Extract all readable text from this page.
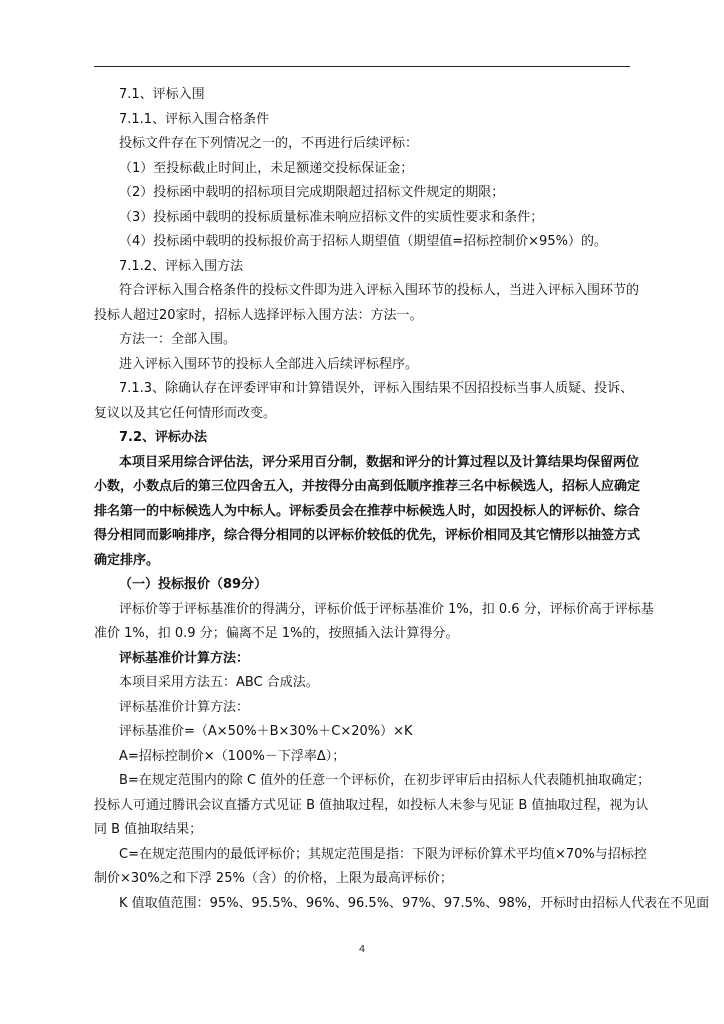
7.1、评标入围
7.1.1、评标入围合格条件
投标文件存在下列情况之一的，不再进行后续评标：
（1）至投标截止时间止，未足额递交投标保证金；
（2）投标函中载明的招标项目完成期限超过招标文件规定的期限；
（3）投标函中载明的投标质量标准未响应招标文件的实质性要求和条件；
（4）投标函中载明的投标报价高于招标人期望值（期望值=招标控制价×95%）的。
7.1.2、评标入围方法
符合评标入围合格条件的投标文件即为进入评标入围环节的投标人，当进入评标入围环节的
投标人超过20家时，招标人选择评标入围方法：方法一。
方法一：全部入围。
进入评标入围环节的投标人全部进入后续评标程序。
7.1.3、除确认存在评委评审和计算错误外，评标入围结果不因招投标当事人质疑、投诉、
复议以及其它任何情形而改变。
7.2、评标办法
本项目采用综合评估法，评分采用百分制，数据和评分的计算过程以及计算结果均保留两位
小数，小数点后的第三位四舍五入，并按得分由高到低顺序推荐三名中标候选人，招标人应确定
排名第一的中标候选人为中标人。评标委员会在推荐中标候选人时，如因投标人的评标价、综合
得分相同而影响排序，综合得分相同的以评标价较低的优先，评标价相同及其它情形以抽签方式
确定排序。
（一）投标报价（89分）
评标价等于评标基准价的得满分，评标价低于评标基准价 1%，扣 0.6 分，评标价高于评标基
准价 1%，扣 0.9 分；偏离不足 1%的，按照插入法计算得分。
评标基准价计算方法：
本项目采用方法五：ABC 合成法。
评标基准价计算方法：
评标基准价=（A×50%＋B×30%＋C×20%）×K
A=招标控制价×（100%－下浮率Δ）；
B=在规定范围内的除 C 值外的任意一个评标价，在初步评审后由招标人代表随机抽取确定；
投标人可通过腾讯会议直播方式见证 B 值抽取过程，如投标人未参与见证 B 值抽取过程，视为认
同 B 值抽取结果；
C=在规定范围内的最低评标价；其规定范围是指：下限为评标价算术平均值×70%与招标控
制价×30%之和下浮 25%（含）的价格，上限为最高评标价；
K 值取值范围：95%、95.5%、96%、96.5%、97%、97.5%、98%，开标时由招标人代表在不见面
4
